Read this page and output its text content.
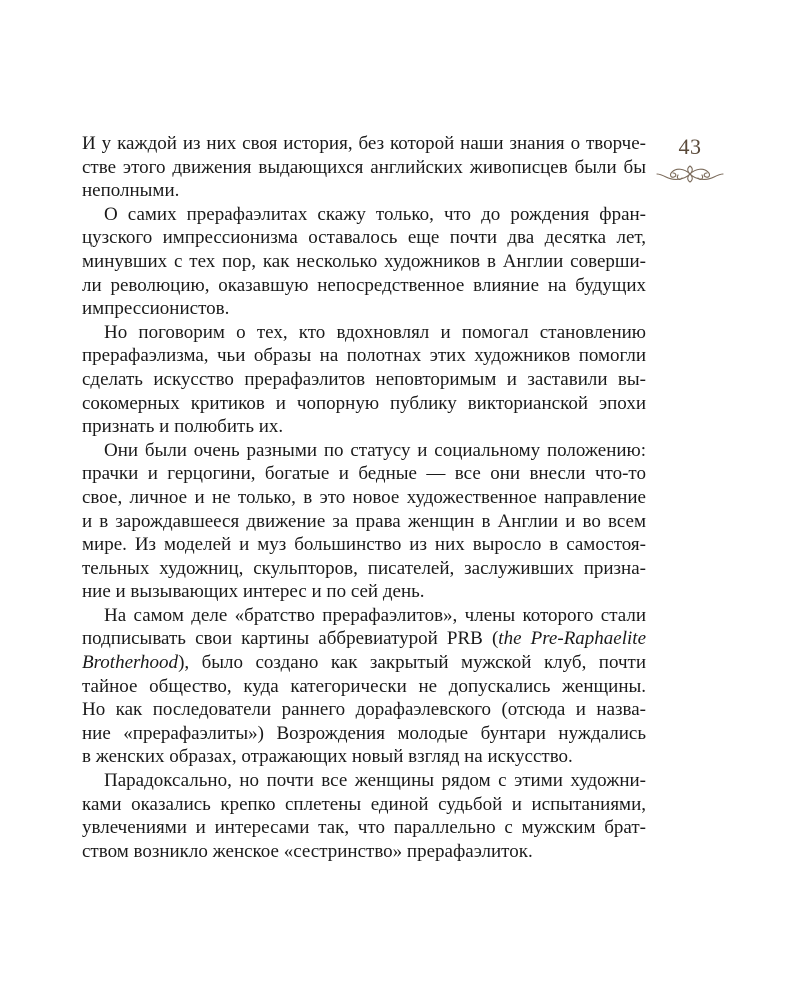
43
И у каждой из них своя история, без которой наши знания о творче-
стве этого движения выдающихся английских живописцев были бы
неполными.
О самих прерафаэлитах скажу только, что до рождения фран-
цузского импрессионизма оставалось еще почти два десятка лет,
минувших с тех пор, как несколько художников в Англии соверши-
ли революцию, оказавшую непосредственное влияние на будущих
импрессионистов.
Но поговорим о тех, кто вдохновлял и помогал становлению
прерафаэлизма, чьи образы на полотнах этих художников помогли
сделать искусство прерафаэлитов неповторимым и заставили вы-
сокомерных критиков и чопорную публику викторианской эпохи
признать и полюбить их.
Они были очень разными по статусу и социальному положению:
прачки и герцогини, богатые и бедные — все они внесли что-то
свое, личное и не только, в это новое художественное направление
и в зарождавшееся движение за права женщин в Англии и во всем
мире. Из моделей и муз большинство из них выросло в самостоя-
тельных художниц, скульпторов, писателей, заслуживших призна-
ние и вызывающих интерес и по сей день.
На самом деле «братство прерафаэлитов», члены которого стали
подписывать свои картины аббревиатурой PRB (the Pre-Raphaelite
Brotherhood), было создано как закрытый мужской клуб, почти
тайное общество, куда категорически не допускались женщины.
Но как последователи раннего дорафаэлевского (отсюда и назва-
ние «прерафаэлиты») Возрождения молодые бунтари нуждались
в женских образах, отражающих новый взгляд на искусство.
Парадоксально, но почти все женщины рядом с этими художни-
ками оказались крепко сплетены единой судьбой и испытаниями,
увлечениями и интересами так, что параллельно с мужским брат-
ством возникло женское «сестринство» прерафаэлиток.
